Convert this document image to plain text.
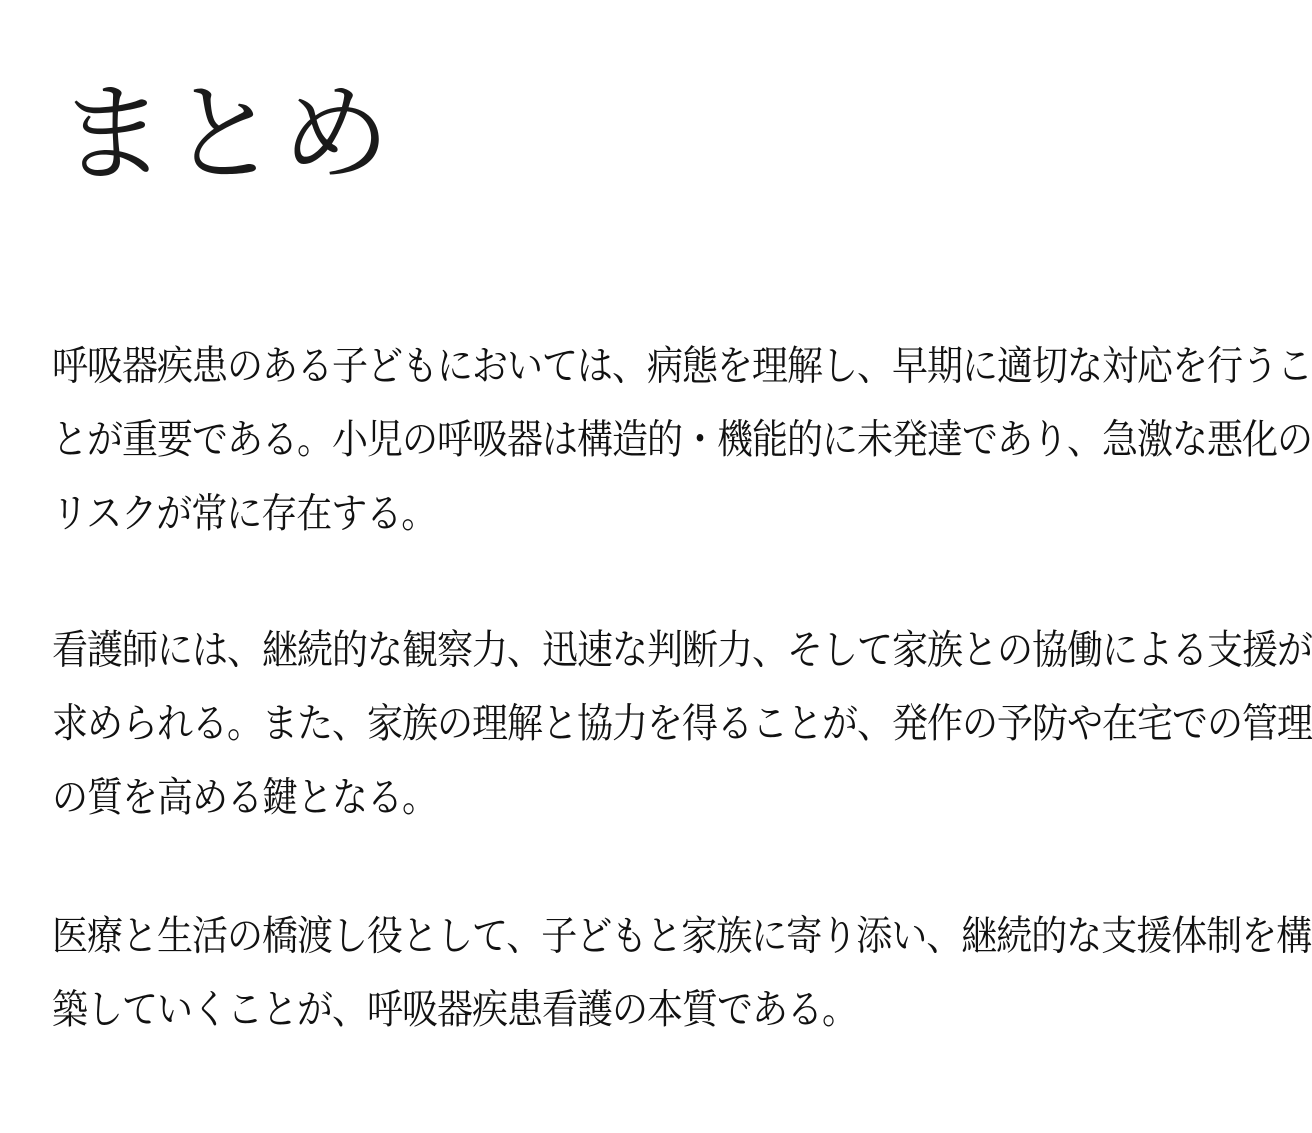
まとめ

呼吸器疾患のある子どもにおいては、病態を理解し、早期に適切な対応を行うこ
とが重要である。小児の呼吸器は構造的・機能的に未発達であり、急激な悪化の
リスクが常に存在する。

看護師には、継続的な観察力、迅速な判断力、そして家族との協働による支援が
求められる。また、家族の理解と協力を得ることが、発作の予防や在宅での管理
の質を高める鍵となる。

医療と生活の橋渡し役として、子どもと家族に寄り添い、継続的な支援体制を構
築していくことが、呼吸器疾患看護の本質である。
